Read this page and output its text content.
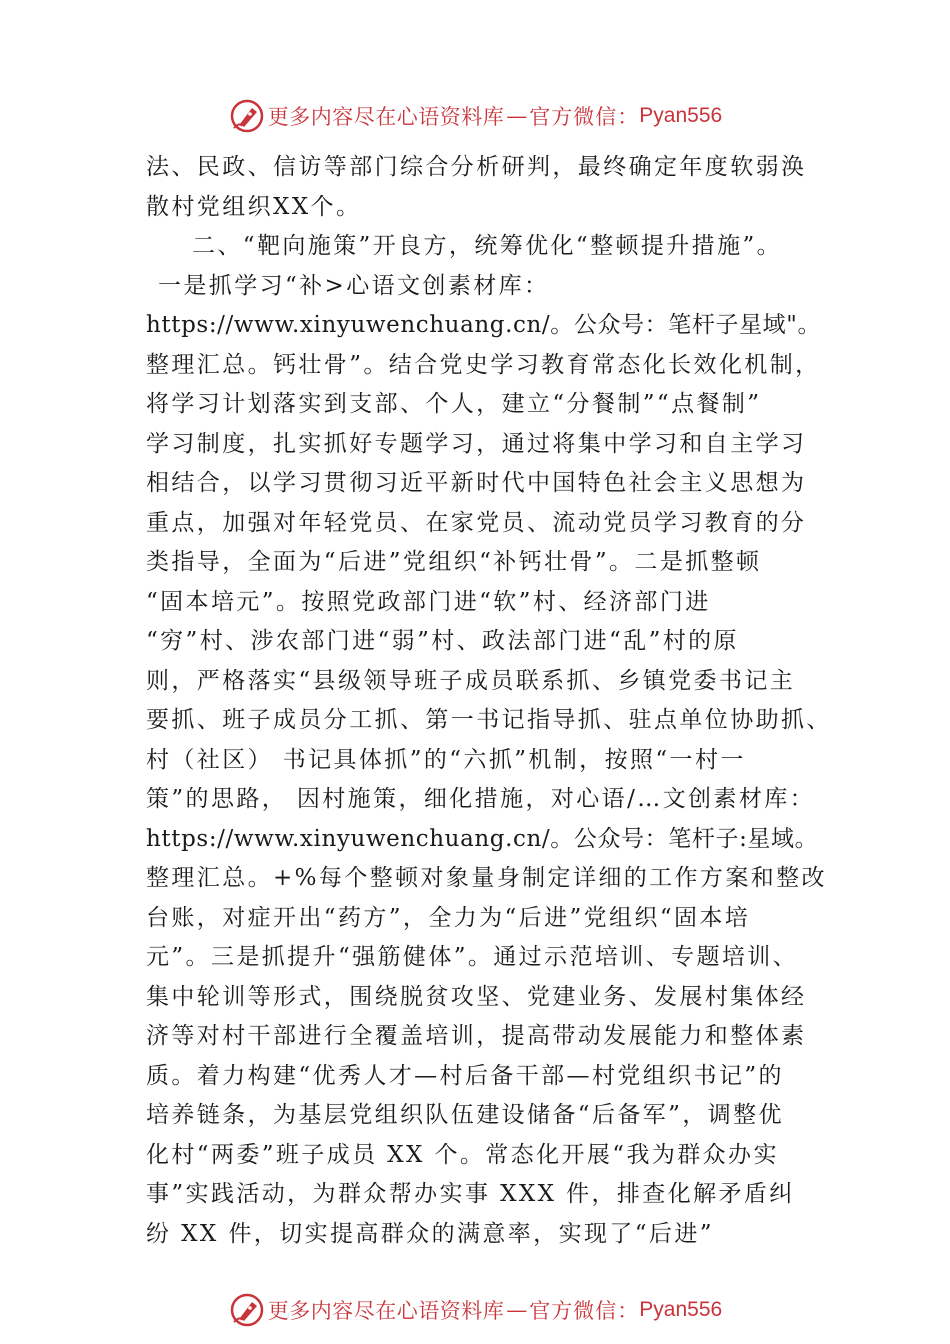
更多内容尽在心语资料库 — 官方微信： Pyan556
法、民政、信访等部门综合分析研判，最终确定年度软弱涣
散村党组织XX个。
二、“靶向施策”开良方，统筹优化“整顿提升措施”。
一是抓学习“补>心语文创素材库：
https://www.xinyuwenchuang.cn/。公众号：笔杆子星域"。
整理汇总。钙壮骨”。结合党史学习教育常态化长效化机制，
将学习计划落实到支部、个人，建立“分餐制”“点餐制”
学习制度，扎实抓好专题学习，通过将集中学习和自主学习
相结合，以学习贯彻习近平新时代中国特色社会主义思想为
重点，加强对年轻党员、在家党员、流动党员学习教育的分
类指导，全面为“后进”党组织“补钙壮骨”。二是抓整顿
“固本培元”。按照党政部门进“软”村、经济部门进
“穷”村、涉农部门进“弱”村、政法部门进“乱”村的原
则，严格落实“县级领导班子成员联系抓、乡镇党委书记主
要抓、班子成员分工抓、第一书记指导抓、驻点单位协助抓、
村（社区） 书记具体抓”的“六抓”机制，按照“一村一
策”的思路， 因村施策，细化措施，对心语/…文创素材库：
https://www.xinyuwenchuang.cn/。公众号：笔杆子:星域。
整理汇总。+%每个整顿对象量身制定详细的工作方案和整改
台账，对症开出“药方”，全力为“后进”党组织“固本培
元”。三是抓提升“强筋健体”。通过示范培训、专题培训、
集中轮训等形式，围绕脱贫攻坚、党建业务、发展村集体经
济等对村干部进行全覆盖培训，提高带动发展能力和整体素
质。着力构建“优秀人才—村后备干部—村党组织书记”的
培养链条，为基层党组织队伍建设储备“后备军”，调整优
化村“两委”班子成员 XX 个。常态化开展“我为群众办实
事”实践活动，为群众帮办实事 XXX 件，排查化解矛盾纠
纷 XX 件，切实提高群众的满意率，实现了“后进”
更多内容尽在心语资料库 — 官方微信： Pyan556
